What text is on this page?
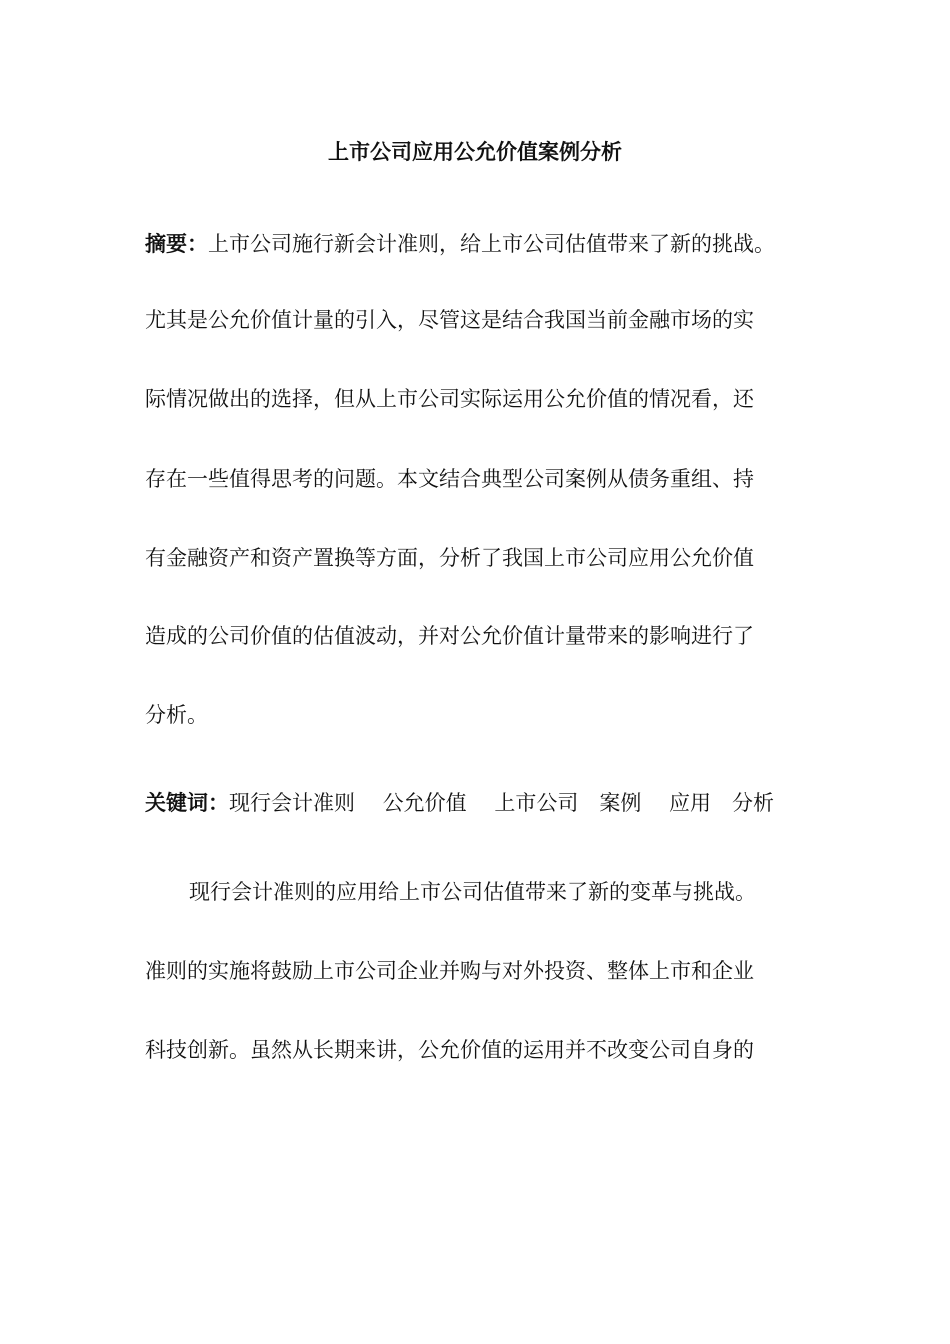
上市公司应用公允价值案例分析
摘要：上市公司施行新会计准则，给上市公司估值带来了新的挑战。
尤其是公允价值计量的引入，尽管这是结合我国当前金融市场的实
际情况做出的选择，但从上市公司实际运用公允价值的情况看，还
存在一些值得思考的问题。本文结合典型公司案例从债务重组、持
有金融资产和资产置换等方面，分析了我国上市公司应用公允价值
造成的公司价值的估值波动，并对公允价值计量带来的影响进行了
分析。
关键词：现行会计准则　 公允价值　 上市公司　案例　 应用　分析
现行会计准则的应用给上市公司估值带来了新的变革与挑战。
准则的实施将鼓励上市公司企业并购与对外投资、整体上市和企业
科技创新。虽然从长期来讲，公允价值的运用并不改变公司自身的
